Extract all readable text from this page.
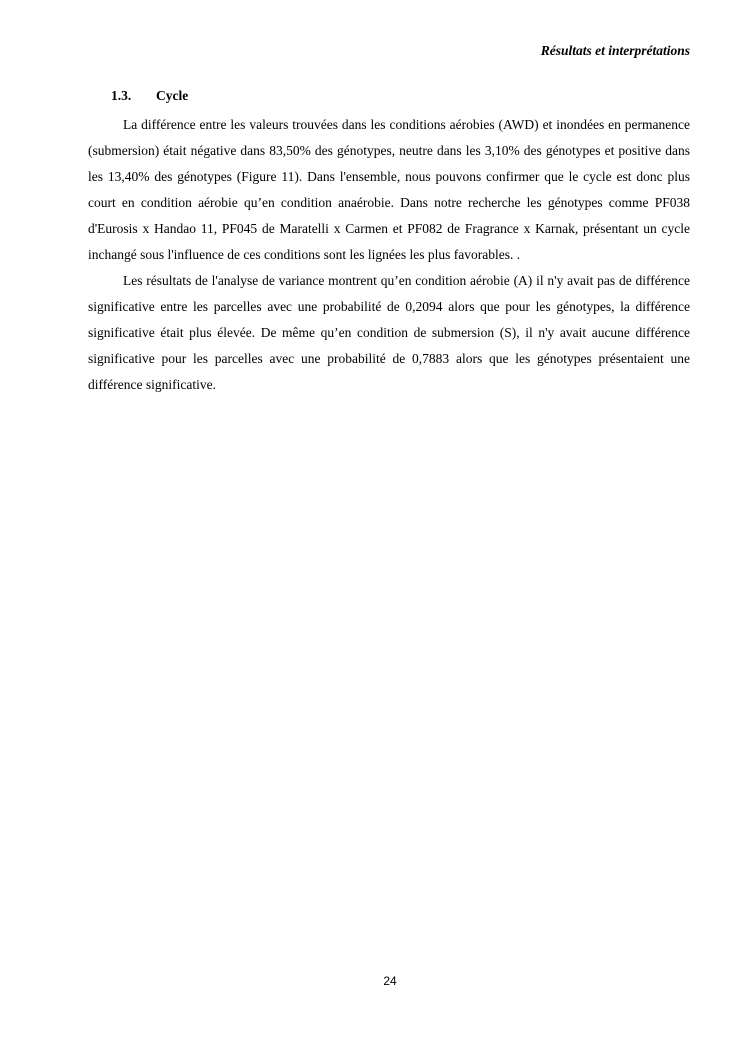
Résultats et interprétations
1.3. Cycle

La différence entre les valeurs trouvées dans les conditions aérobies (AWD) et inondées en permanence (submersion) était négative dans 83,50% des génotypes, neutre dans les 3,10% des génotypes et positive dans les 13,40% des génotypes (Figure 11). Dans l'ensemble, nous pouvons confirmer que le cycle est donc plus court en condition aérobie qu’en condition anaérobie. Dans notre recherche les génotypes comme PF038 d'Eurosis x Handao 11, PF045 de Maratelli x Carmen et PF082 de Fragrance x Karnak, présentant un cycle inchangé sous l'influence de ces conditions sont les lignées les plus favorables. .

Les résultats de l'analyse de variance montrent qu’en condition aérobie (A) il n'y avait pas de différence significative entre les parcelles avec une probabilité de 0,2094 alors que pour les génotypes, la différence significative était plus élevée. De même qu’en condition de submersion (S), il n'y avait aucune différence significative pour les parcelles avec une probabilité de 0,7883 alors que les génotypes présentaient une différence significative.

24
